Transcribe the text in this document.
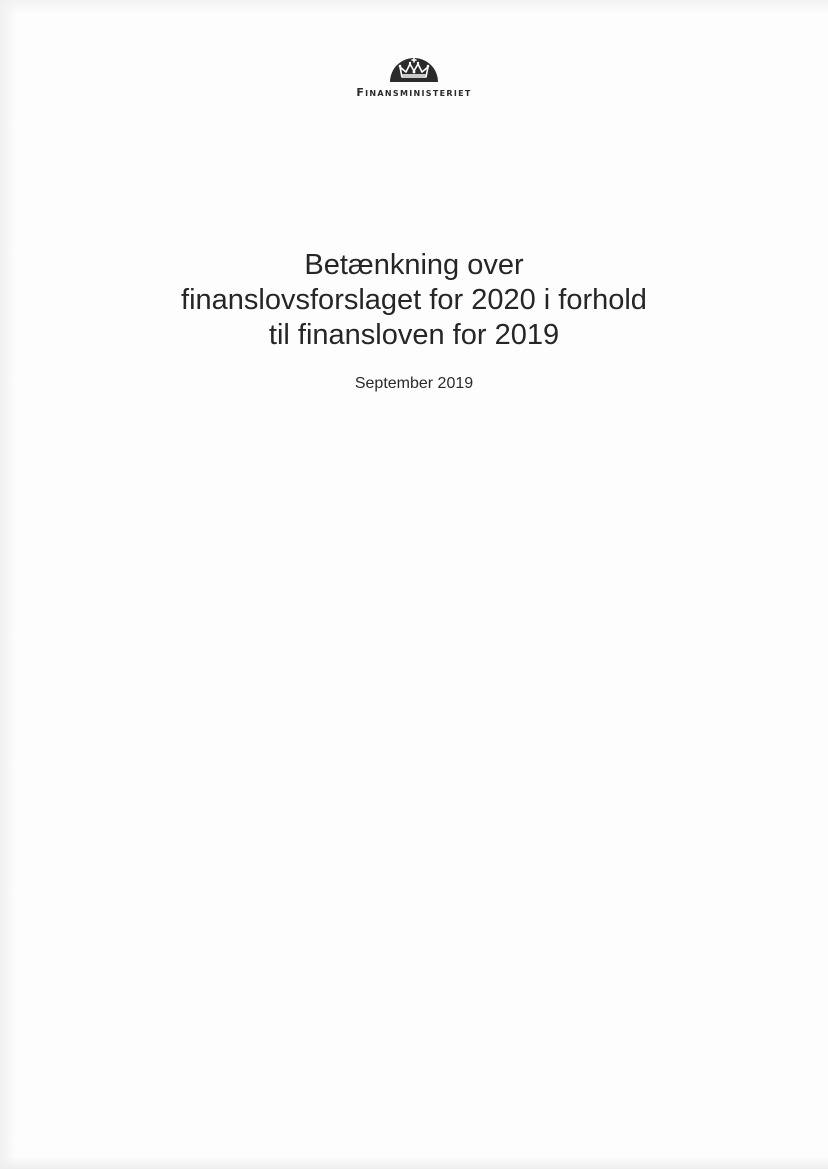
Finansministeriet
Betænkning over
finanslovsforslaget for 2020 i forhold
til finansloven for 2019
September 2019
